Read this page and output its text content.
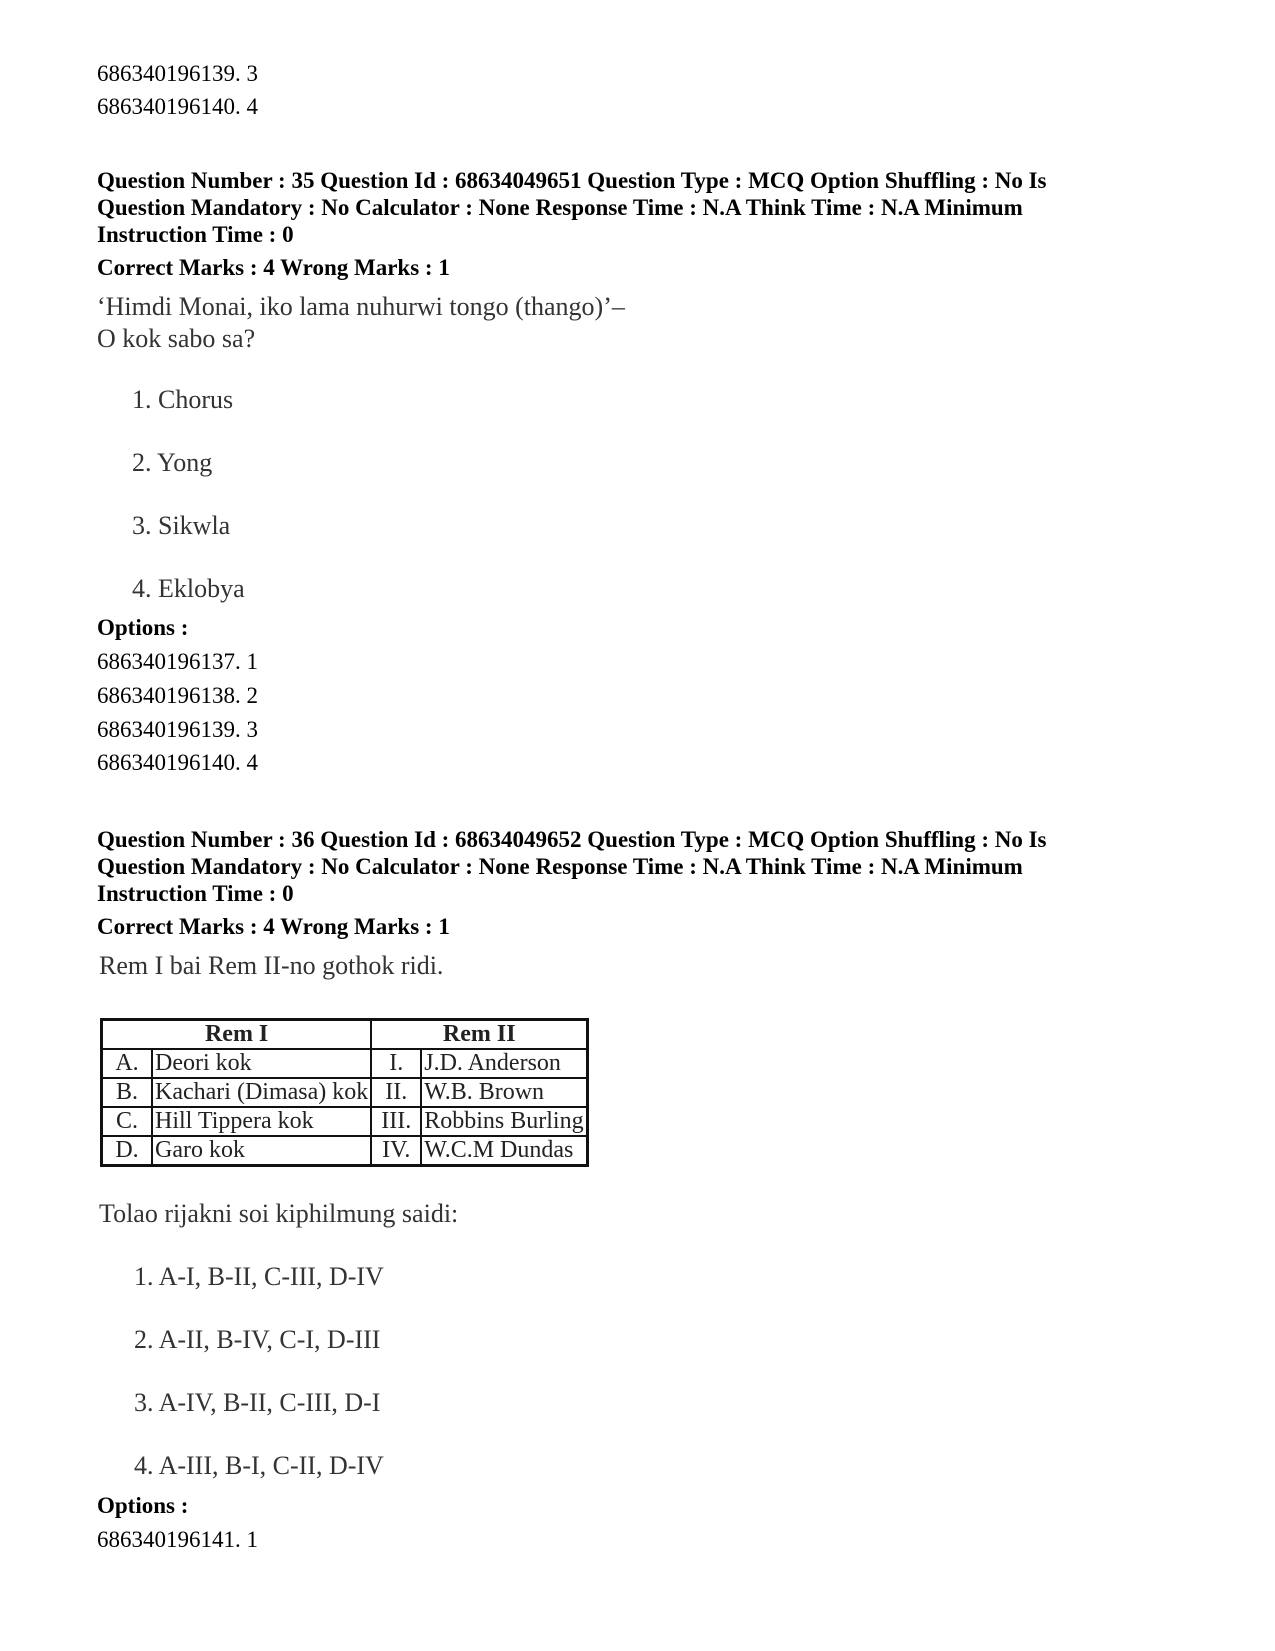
686340196139. 3
686340196140. 4
Question Number : 35 Question Id : 68634049651 Question Type : MCQ Option Shuffling : No Is
Question Mandatory : No Calculator : None Response Time : N.A Think Time : N.A Minimum
Instruction Time : 0
Correct Marks : 4 Wrong Marks : 1
‘Himdi Monai, iko lama nuhurwi tongo (thango)’–
O kok sabo sa?
1. Chorus
2. Yong
3. Sikwla
4. Eklobya
Options :
686340196137. 1
686340196138. 2
686340196139. 3
686340196140. 4
Question Number : 36 Question Id : 68634049652 Question Type : MCQ Option Shuffling : No Is
Question Mandatory : No Calculator : None Response Time : N.A Think Time : N.A Minimum
Instruction Time : 0
Correct Marks : 4 Wrong Marks : 1
Rem I bai Rem II-no gothok ridi.
Rem I		Rem II	
A.	Deori kok	I.	J.D. Anderson
B.	Kachari (Dimasa) kok	II.	W.B. Brown
C.	Hill Tippera kok	III.	Robbins Burling
D.	Garo kok	IV.	W.C.M Dundas
Tolao rijakni soi kiphilmung saidi:
1. A-I, B-II, C-III, D-IV
2. A-II, B-IV, C-I, D-III
3. A-IV, B-II, C-III, D-I
4. A-III, B-I, C-II, D-IV
Options :
686340196141. 1
